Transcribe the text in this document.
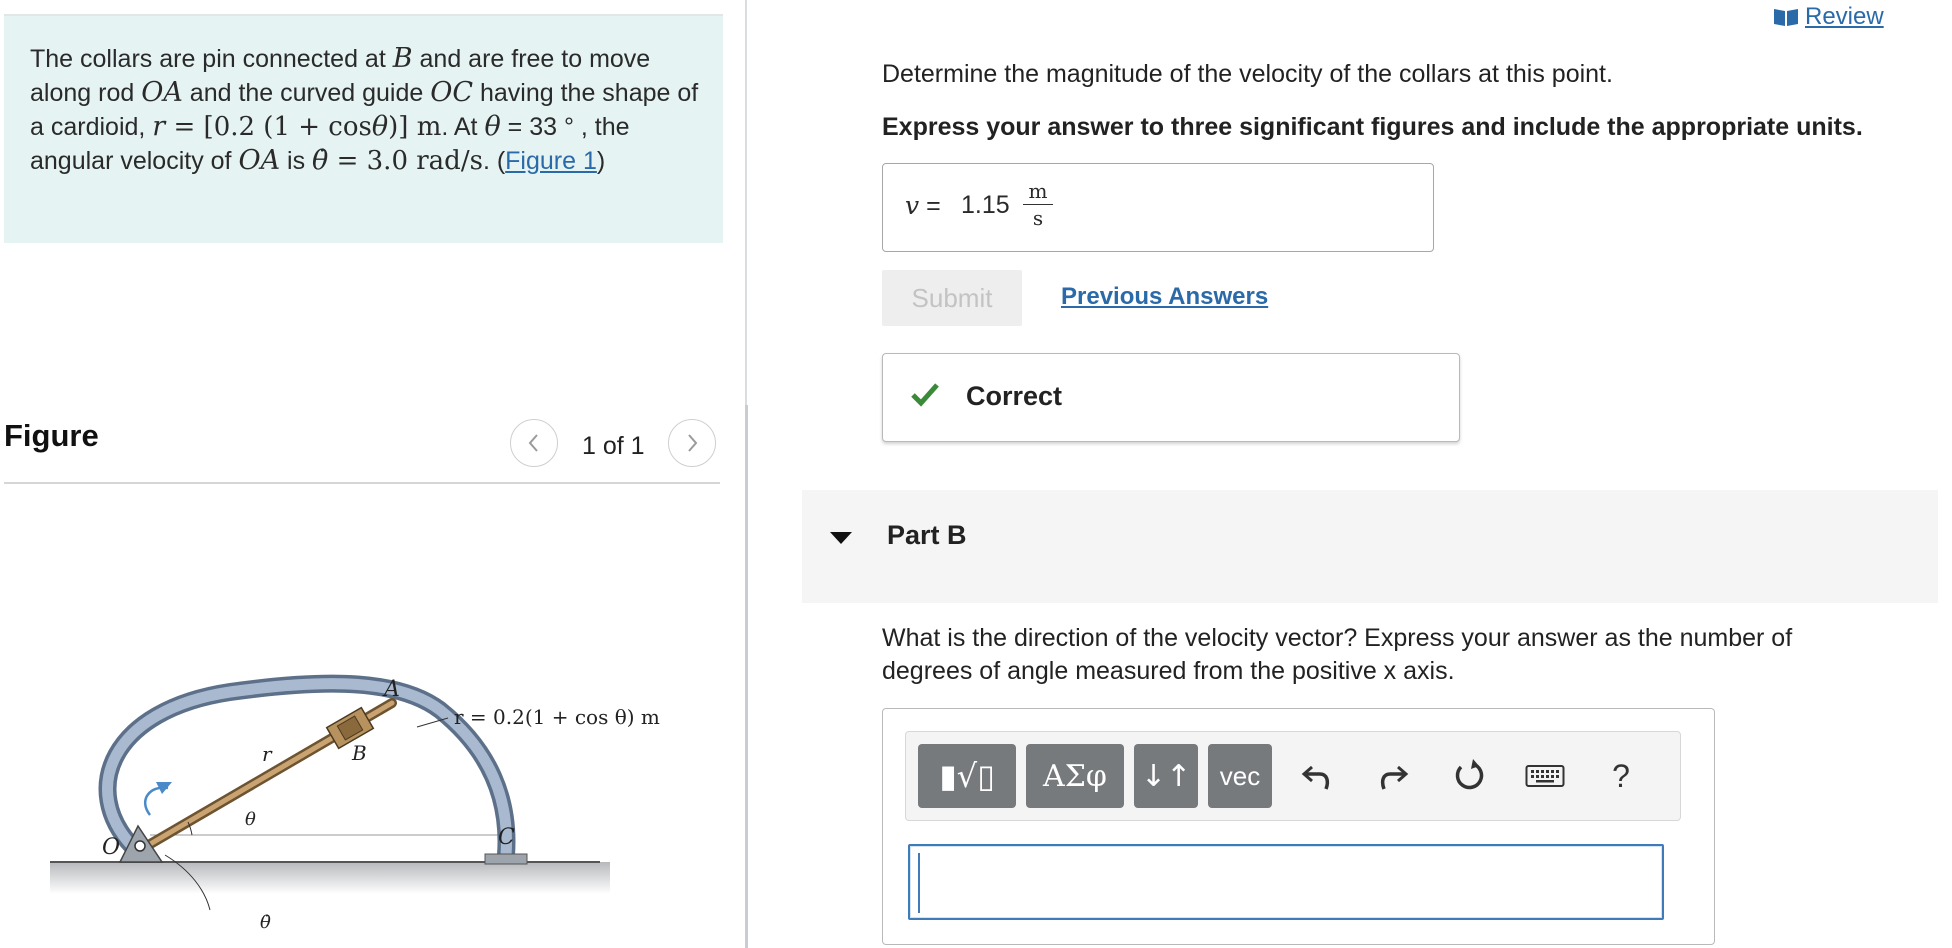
The collars are pin connected at B and are free to move along rod OA and the curved guide OC having the shape of a cardioid, r = [0.2 (1 + cosθ)] m. At θ = 33 ° , the angular velocity of OA is θ̇ = 3.0 rad/s. (Figure 1)

Figure	1 of 1
A
B
C
O
r
θ
θ̇
r = 0.2(1 + cos θ) m
Review
Determine the magnitude of the velocity of the collars at this point.
Express your answer to three significant figures and include the appropriate units.
v = 1.15 m
s
Submit	Previous Answers
Correct
Part B
What is the direction of the velocity vector? Express your answer as the number of degrees of angle measured from the positive x axis.
▮√▯	ΑΣφ	↓↑	vec	?
